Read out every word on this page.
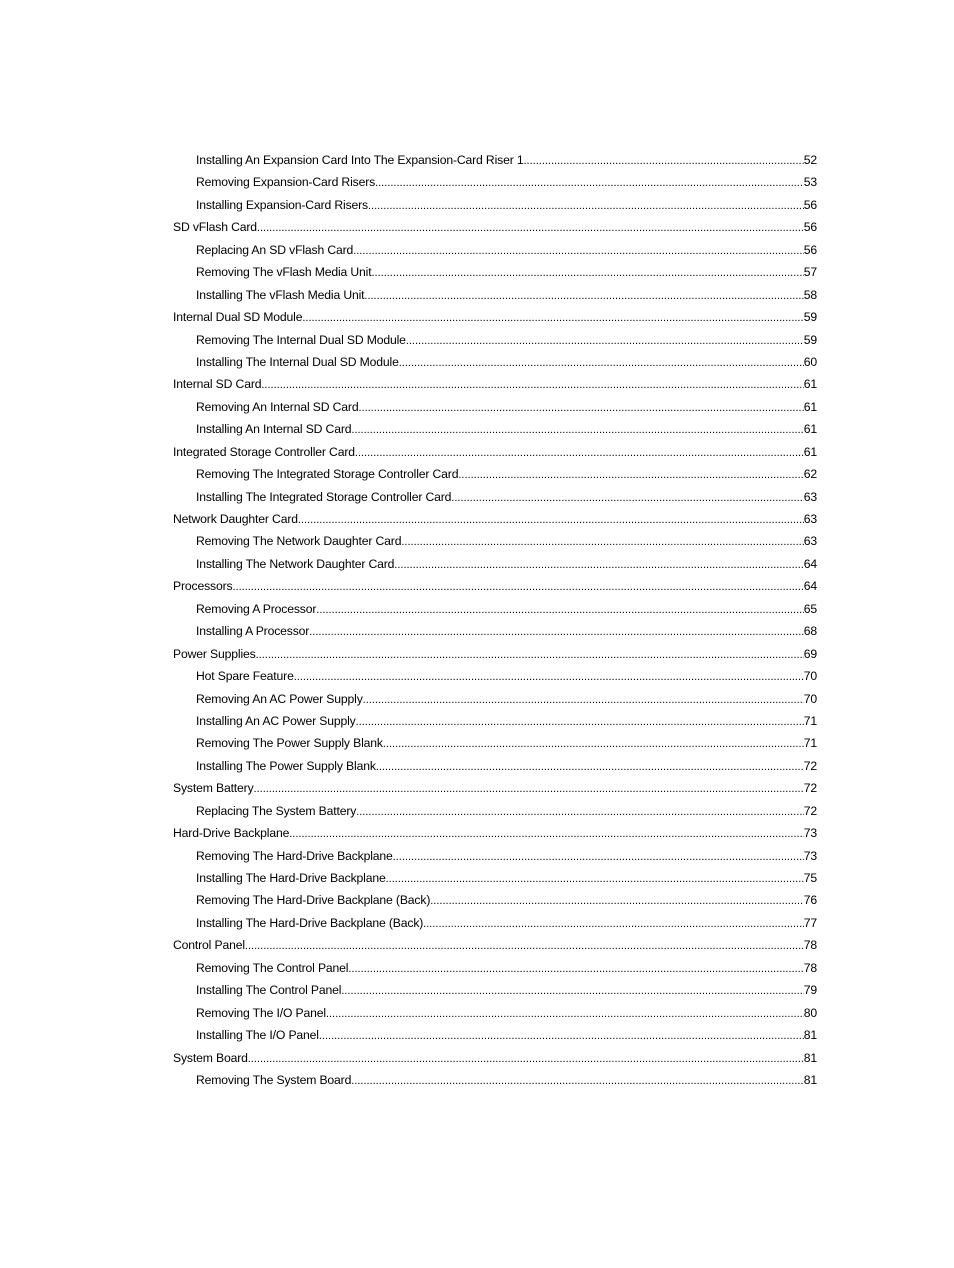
Installing An Expansion Card Into The Expansion-Card Riser 1 .....	52
Removing Expansion-Card Risers .....	53
Installing Expansion-Card Risers .....	56
SD vFlash Card .....	56
Replacing An SD vFlash Card .....	56
Removing The vFlash Media Unit .....	57
Installing The vFlash Media Unit .....	58
Internal Dual SD Module .....	59
Removing The Internal Dual SD Module .....	59
Installing The Internal Dual SD Module .....	60
Internal SD Card .....	61
Removing An Internal SD Card .....	61
Installing An Internal SD Card .....	61
Integrated Storage Controller Card .....	61
Removing The Integrated Storage Controller Card .....	62
Installing The Integrated Storage Controller Card .....	63
Network Daughter Card .....	63
Removing The Network Daughter Card .....	63
Installing The Network Daughter Card .....	64
Processors .....	64
Removing A Processor .....	65
Installing A Processor .....	68
Power Supplies .....	69
Hot Spare Feature .....	70
Removing An AC Power Supply .....	70
Installing An AC Power Supply .....	71
Removing The Power Supply Blank .....	71
Installing The Power Supply Blank .....	72
System Battery .....	72
Replacing The System Battery .....	72
Hard-Drive Backplane .....	73
Removing The Hard-Drive Backplane .....	73
Installing The Hard-Drive Backplane .....	75
Removing The Hard-Drive Backplane (Back) .....	76
Installing The Hard-Drive Backplane (Back) .....	77
Control Panel .....	78
Removing The Control Panel .....	78
Installing The Control Panel .....	79
Removing The I/O Panel .....	80
Installing The I/O Panel .....	81
System Board .....	81
Removing The System Board .....	81
